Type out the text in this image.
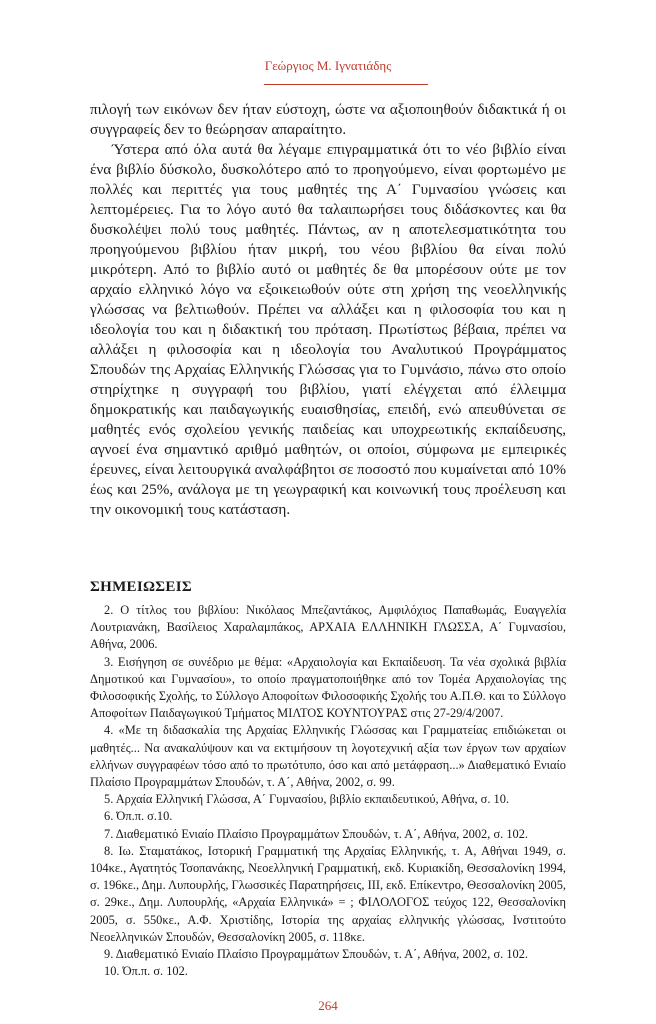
Γεώργιος Μ. Ιγνατιάδης

πιλογή των εικόνων δεν ήταν εύστοχη, ώστε να αξιοποιηθούν διδακτικά ή οι συγγραφείς δεν το θεώρησαν απαραίτητο.

Ύστερα από όλα αυτά θα λέγαμε επιγραμματικά ότι το νέο βιβλίο είναι ένα βιβλίο δύσκολο, δυσκολότερο από το προηγούμενο, είναι φορτωμένο με πολλές και περιττές για τους μαθητές της Α΄ Γυμνασίου γνώσεις και λεπτομέρειες. Για το λόγο αυτό θα ταλαιπωρήσει τους διδάσκοντες και θα δυσκολέψει πολύ τους μαθητές. Πάντως, αν η αποτελεσματικότητα του προηγούμενου βιβλίου ήταν μικρή, του νέου βιβλίου θα είναι πολύ μικρότερη. Από το βιβλίο αυτό οι μαθητές δε θα μπορέσουν ούτε με τον αρχαίο ελληνικό λόγο να εξοικειωθούν ούτε στη χρήση της νεοελληνικής γλώσσας να βελτιωθούν. Πρέπει να αλλάξει και η φιλοσοφία του και η ιδεολογία του και η διδακτική του πρόταση. Πρωτίστως βέβαια, πρέπει να αλλάξει η φιλοσοφία και η ιδεολογία του Αναλυτικού Προγράμματος Σπουδών της Αρχαίας Ελληνικής Γλώσσας για το Γυμνάσιο, πάνω στο οποίο στηρίχτηκε η συγγραφή του βιβλίου, γιατί ελέγχεται από έλλειμμα δημοκρατικής και παιδαγωγικής ευαισθησίας, επειδή, ενώ απευθύνεται σε μαθητές ενός σχολείου γενικής παιδείας και υποχρεωτικής εκπαίδευσης, αγνοεί ένα σημαντικό αριθμό μαθητών, οι οποίοι, σύμφωνα με εμπειρικές έρευνες, είναι λειτουργικά αναλφάβητοι σε ποσοστό που κυμαίνεται από 10% έως και 25%, ανάλογα με τη γεωγραφική και κοινωνική τους προέλευση και την οικονομική τους κατάσταση.

ΣΗΜΕΙΩΣΕΙΣ

2. Ο τίτλος του βιβλίου: Νικόλαος Μπεζαντάκος, Αμφιλόχιος Παπαθωμάς, Ευαγγελία Λουτριανάκη, Βασίλειος Χαραλαμπάκος, ΑΡΧΑΙΑ ΕΛΛΗΝΙΚΗ ΓΛΩΣΣΑ, Α΄ Γυμνασίου, Αθήνα, 2006.

3. Εισήγηση σε συνέδριο με θέμα: «Αρχαιολογία και Εκπαίδευση. Τα νέα σχολικά βιβλία Δημοτικού και Γυμνασίου», το οποίο πραγματοποιήθηκε από τον Τομέα Αρχαιολογίας της Φιλοσοφικής Σχολής, το Σύλλογο Αποφοίτων Φιλοσοφικής Σχολής του Α.Π.Θ. και το Σύλλογο Αποφοίτων Παιδαγωγικού Τμήματος ΜΙΛΤΟΣ ΚΟΥΝΤΟΥΡΑΣ στις 27-29/4/2007.

4. «Με τη διδασκαλία της Αρχαίας Ελληνικής Γλώσσας και Γραμματείας επιδιώκεται οι μαθητές... Να ανακαλύψουν και να εκτιμήσουν τη λογοτεχνική αξία των έργων των αρχαίων ελλήνων συγγραφέων τόσο από το πρωτότυπο, όσο και από μετάφραση...» Διαθεματικό Ενιαίο Πλαίσιο Προγραμμάτων Σπουδών, τ. Α΄, Αθήνα, 2002, σ. 99.

5. Αρχαία Ελληνική Γλώσσα, Α΄ Γυμνασίου, βιβλίο εκπαιδευτικού, Αθήνα, σ. 10.

6. Όπ.π. σ.10.

7. Διαθεματικό Ενιαίο Πλαίσιο Προγραμμάτων Σπουδών, τ. Α΄, Αθήνα, 2002, σ. 102.

8. Ιω. Σταματάκος, Ιστορική Γραμματική της Αρχαίας Ελληνικής, τ. Α, Αθήναι 1949, σ. 104κε., Αγατητός Τσοπανάκης, Νεοελληνική Γραμματική, εκδ. Κυριακίδη, Θεσσαλονίκη 1994, σ. 196κε., Δημ. Λυπουρλής, Γλωσσικές Παρατηρήσεις, ΙΙΙ, εκδ. Επίκεντρο, Θεσσαλονίκη 2005, σ. 29κε., Δημ. Λυπουρλής, «Αρχαία Ελληνικά» = ; ΦΙΛΟΛΟΓΟΣ τεύχος 122, Θεσσαλονίκη 2005, σ. 550κε., Α.Φ. Χριστίδης, Ιστορία της αρχαίας ελληνικής γλώσσας, Ινστιτούτο Νεοελληνικών Σπουδών, Θεσσαλονίκη 2005, σ. 118κε.

9. Διαθεματικό Ενιαίο Πλαίσιο Προγραμμάτων Σπουδών, τ. Α΄, Αθήνα, 2002, σ. 102.

10. Όπ.π. σ. 102.

264
